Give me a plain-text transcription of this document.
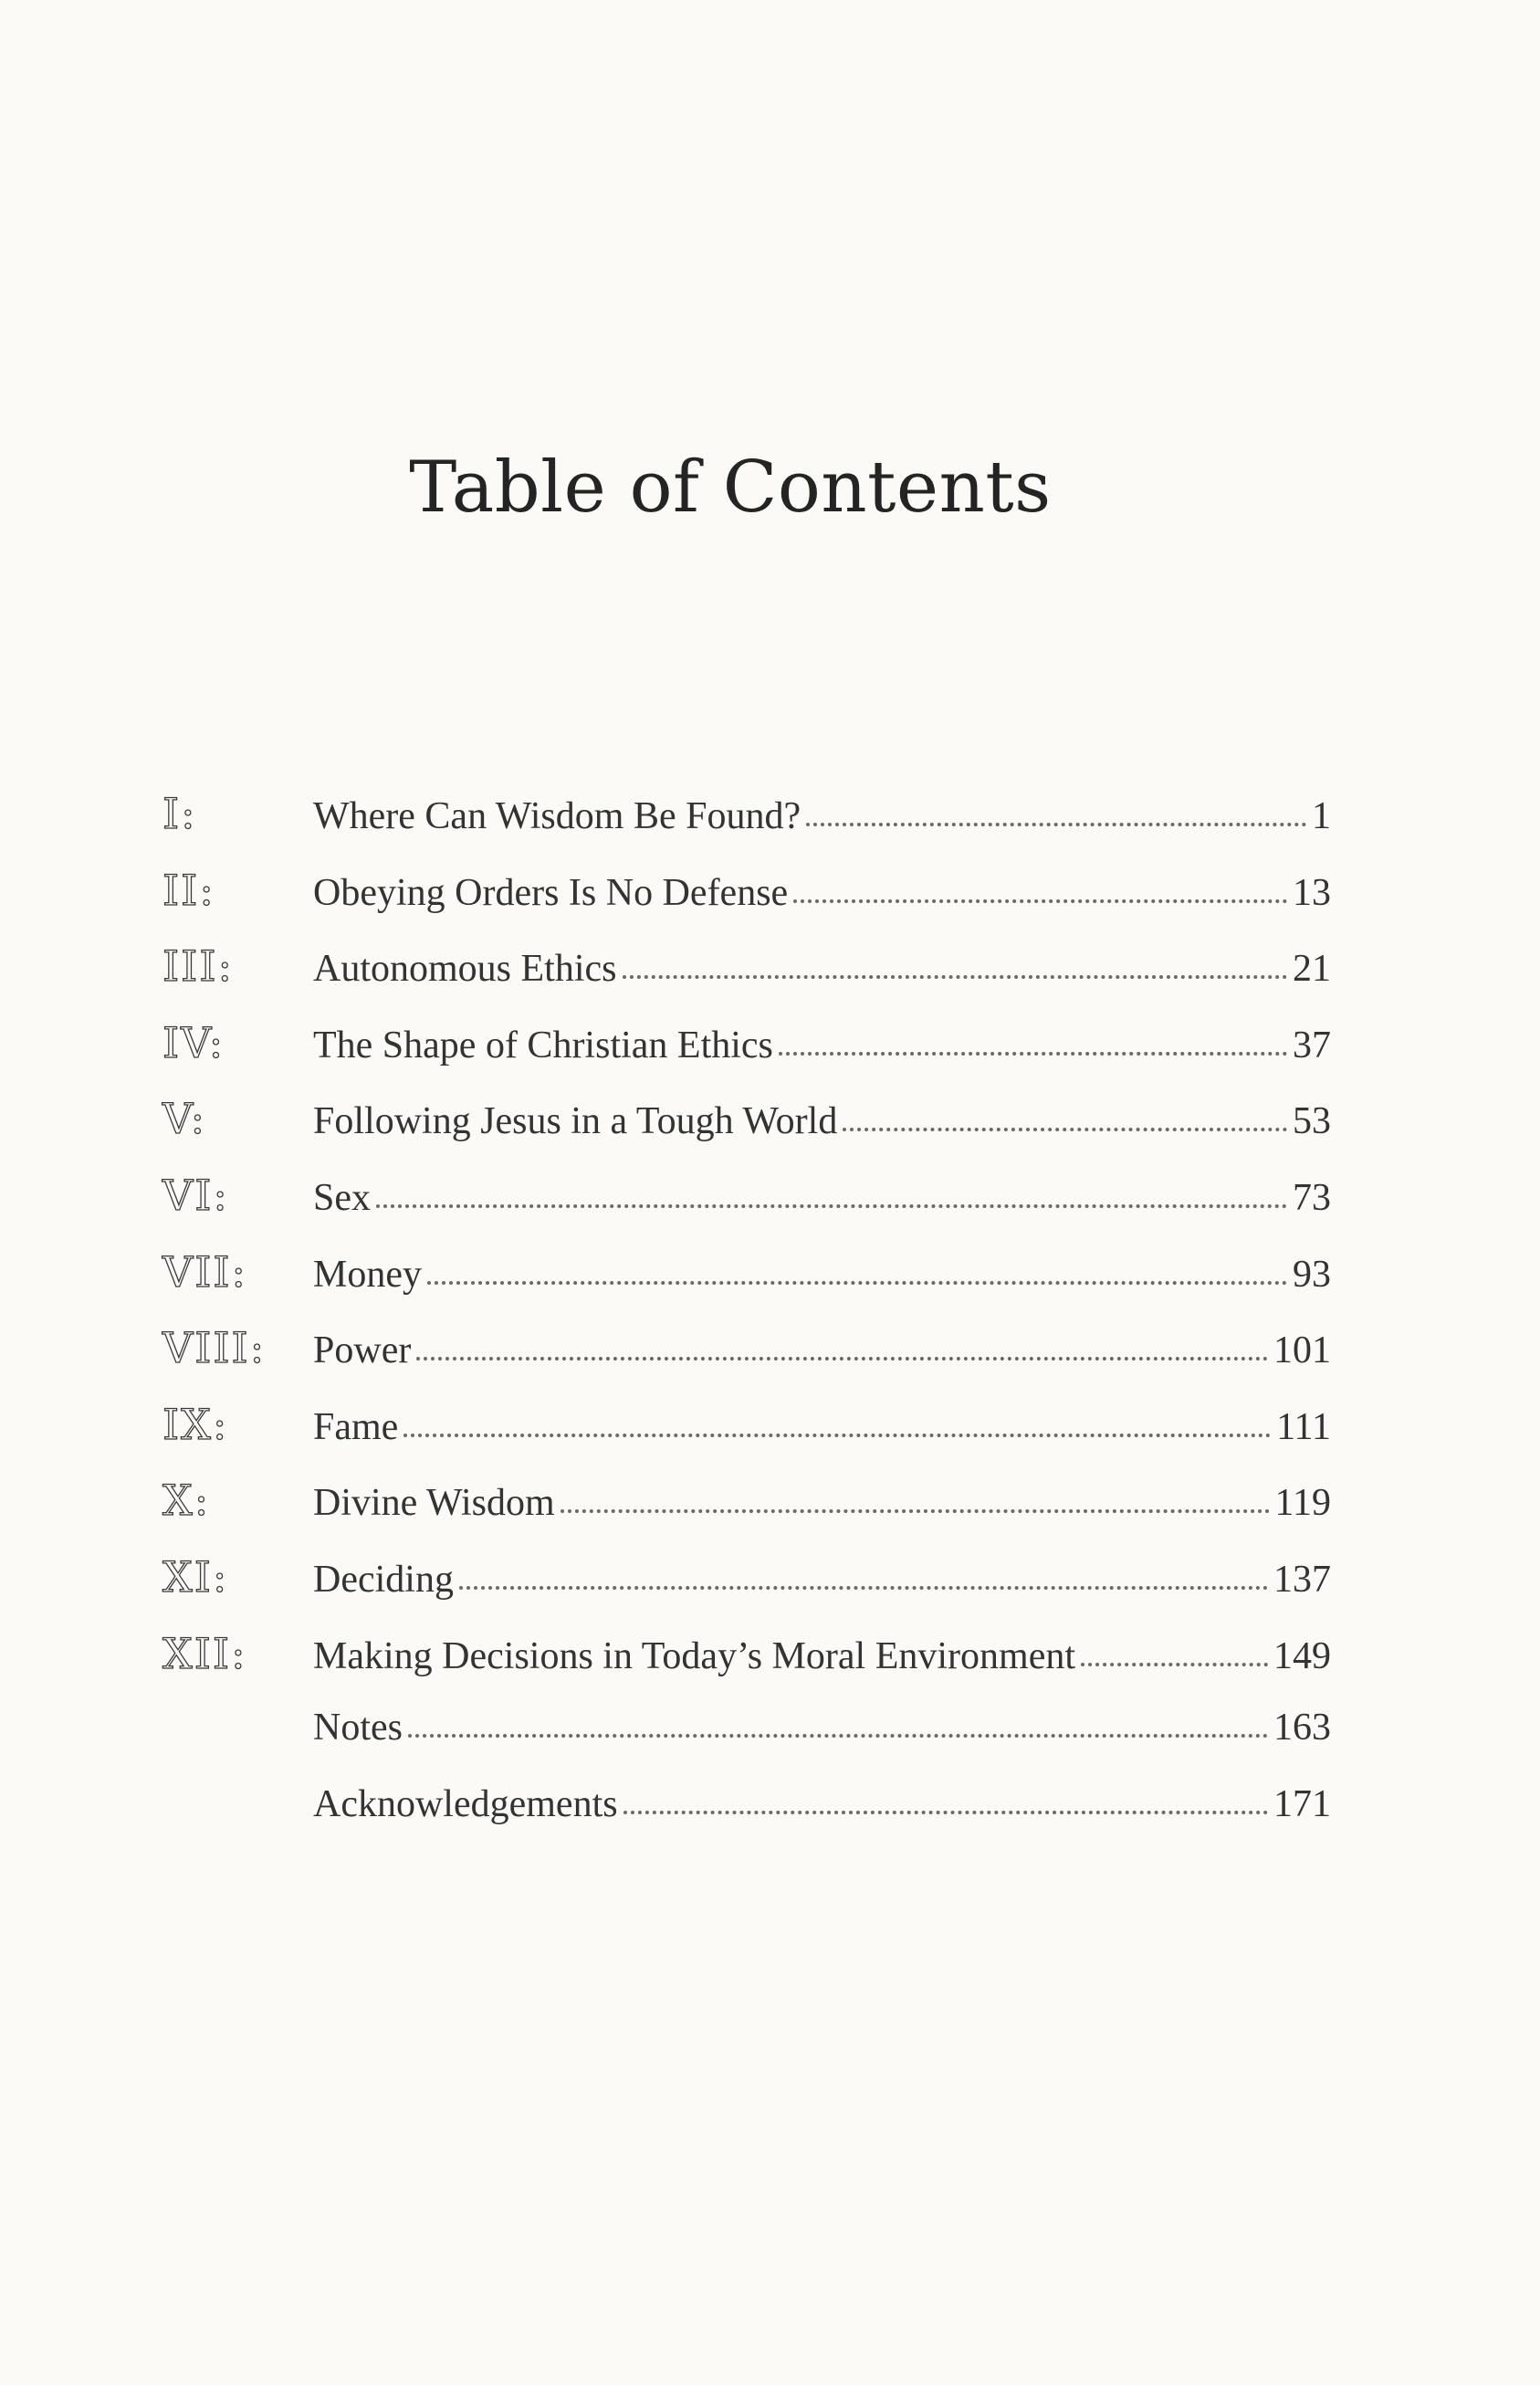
Table of Contents
I:	Where Can Wisdom Be Found?	1
II:	Obeying Orders Is No Defense	13
III:	Autonomous Ethics	21
IV:	The Shape of Christian Ethics	37
V:	Following Jesus in a Tough World	53
VI:	Sex	73
VII:	Money	93
VIII:	Power	101
IX:	Fame	111
X:	Divine Wisdom	119
XI:	Deciding	137
XII:	Making Decisions in Today’s Moral Environment	149
Notes	163
Acknowledgements	171
